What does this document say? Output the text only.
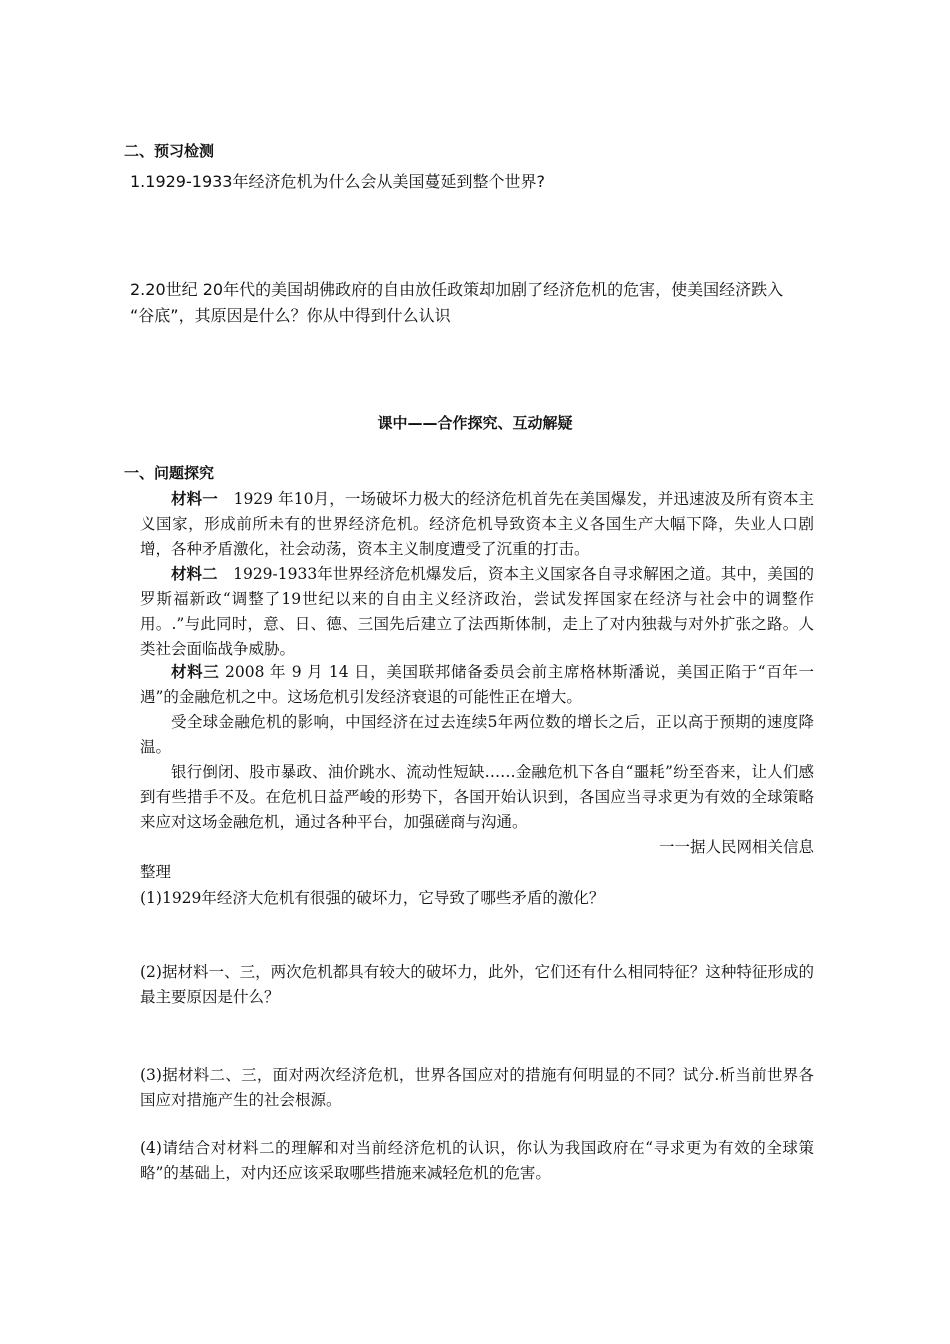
二、预习检测

1.1929-1933年经济危机为什么会从美国蔓延到整个世界?

2.20世纪 20年代的美国胡佛政府的自由放任政策却加剧了经济危机的危害，使美国经济跌入

“谷底”，其原因是什么？你从中得到什么认识

课中——合作探究、互动解疑

一、问题探究

材料一　1929 年10月，一场破坏力极大的经济危机首先在美国爆发，并迅速波及所有资本主义国家，形成前所未有的世界经济危机。经济危机导致资本主义各国生产大幅下降，失业人口剧增，各种矛盾激化，社会动荡，资本主义制度遭受了沉重的打击。

材料二　1929-1933年世界经济危机爆发后，资本主义国家各自寻求解困之道。其中，美国的罗斯福新政“调整了19世纪以来的自由主义经济政治，尝试发挥国家在经济与社会中的调整作用。.”与此同时，意、日、德、三国先后建立了法西斯体制，走上了对内独裁与对外扩张之路。人类社会面临战争威胁。

材料三 2008 年 9 月 14 日，美国联邦储备委员会前主席格林斯潘说，美国正陷于“百年一遇”的金融危机之中。这场危机引发经济衰退的可能性正在增大。

受全球金融危机的影响，中国经济在过去连续5年两位数的增长之后，正以高于预期的速度降温。

银行倒闭、股市暴政、油价跳水、流动性短缺……金融危机下各自“噩耗”纷至沓来，让人们感到有些措手不及。在危机日益严峻的形势下，各国开始认识到，各国应当寻求更为有效的全球策略来应对这场金融危机，通过各种平台，加强磋商与沟通。

一一据人民网相关信息

整理

(1)1929年经济大危机有很强的破坏力，它导致了哪些矛盾的激化？

(2)据材料一、三，两次危机都具有较大的破坏力，此外，它们还有什么相同特征？这种特征形成的最主要原因是什么？

(3)据材料二、三，面对两次经济危机，世界各国应对的措施有何明显的不同？试分.析当前世界各国应对措施产生的社会根源。

(4)请结合对材料二的理解和对当前经济危机的认识，你认为我国政府在“寻求更为有效的全球策略”的基础上，对内还应该采取哪些措施来减轻危机的危害。
